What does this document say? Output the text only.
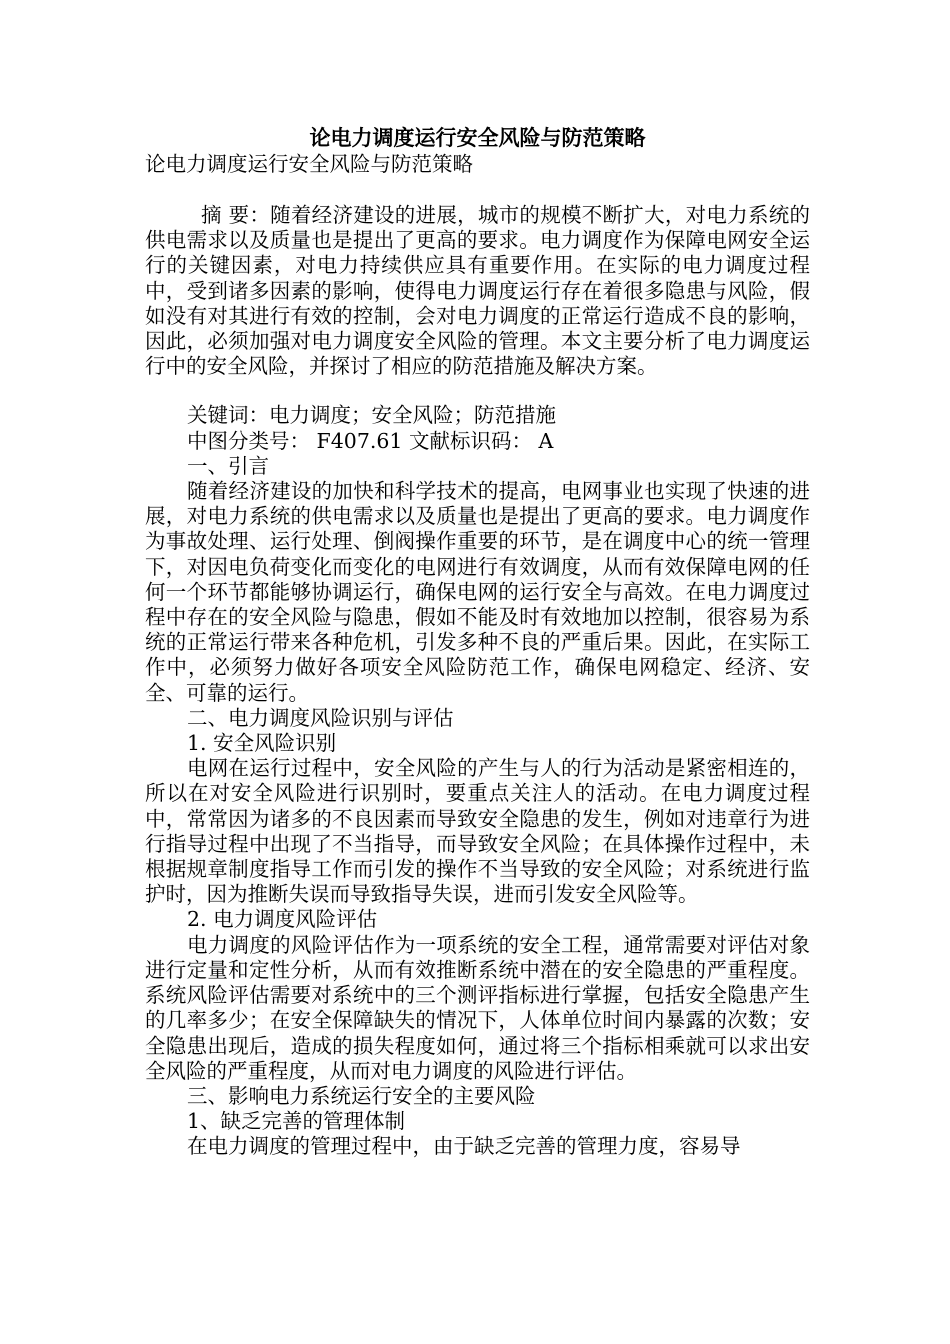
论电力调度运行安全风险与防范策略

论电力调度运行安全风险与防范策略

摘 要：随着经济建设的进展，城市的规模不断扩大，对电力系统的供电需求以及质量也是提出了更高的要求。电力调度作为保障电网安全运行的关键因素，对电力持续供应具有重要作用。在实际的电力调度过程中，受到诸多因素的影响，使得电力调度运行存在着很多隐患与风险，假如没有对其进行有效的控制，会对电力调度的正常运行造成不良的影响，因此，必须加强对电力调度安全风险的管理。本文主要分析了电力调度运行中的安全风险，并探讨了相应的防范措施及解决方案。

关键词：电力调度；安全风险；防范措施

中图分类号： F407.61 文献标识码： A

一、引言

随着经济建设的加快和科学技术的提高，电网事业也实现了快速的进展，对电力系统的供电需求以及质量也是提出了更高的要求。电力调度作为事故处理、运行处理、倒阀操作重要的环节，是在调度中心的统一管理下，对因电负荷变化而变化的电网进行有效调度，从而有效保障电网的任何一个环节都能够协调运行，确保电网的运行安全与高效。在电力调度过程中存在的安全风险与隐患，假如不能及时有效地加以控制，很容易为系统的正常运行带来各种危机，引发多种不良的严重后果。因此，在实际工作中，必须努力做好各项安全风险防范工作，确保电网稳定、经济、安全、可靠的运行。

二、电力调度风险识别与评估

1. 安全风险识别

电网在运行过程中，安全风险的产生与人的行为活动是紧密相连的，所以在对安全风险进行识别时，要重点关注人的活动。在电力调度过程中，常常因为诸多的不良因素而导致安全隐患的发生，例如对违章行为进行指导过程中出现了不当指导，而导致安全风险；在具体操作过程中，未根据规章制度指导工作而引发的操作不当导致的安全风险；对系统进行监护时，因为推断失误而导致指导失误，进而引发安全风险等。

2. 电力调度风险评估

电力调度的风险评估作为一项系统的安全工程，通常需要对评估对象进行定量和定性分析，从而有效推断系统中潜在的安全隐患的严重程度。系统风险评估需要对系统中的三个测评指标进行掌握，包括安全隐患产生的几率多少；在安全保障缺失的情况下，人体单位时间内暴露的次数；安全隐患出现后，造成的损失程度如何，通过将三个指标相乘就可以求出安全风险的严重程度，从而对电力调度的风险进行评估。

三、影响电力系统运行安全的主要风险

1、缺乏完善的管理体制

在电力调度的管理过程中，由于缺乏完善的管理力度，容易导
